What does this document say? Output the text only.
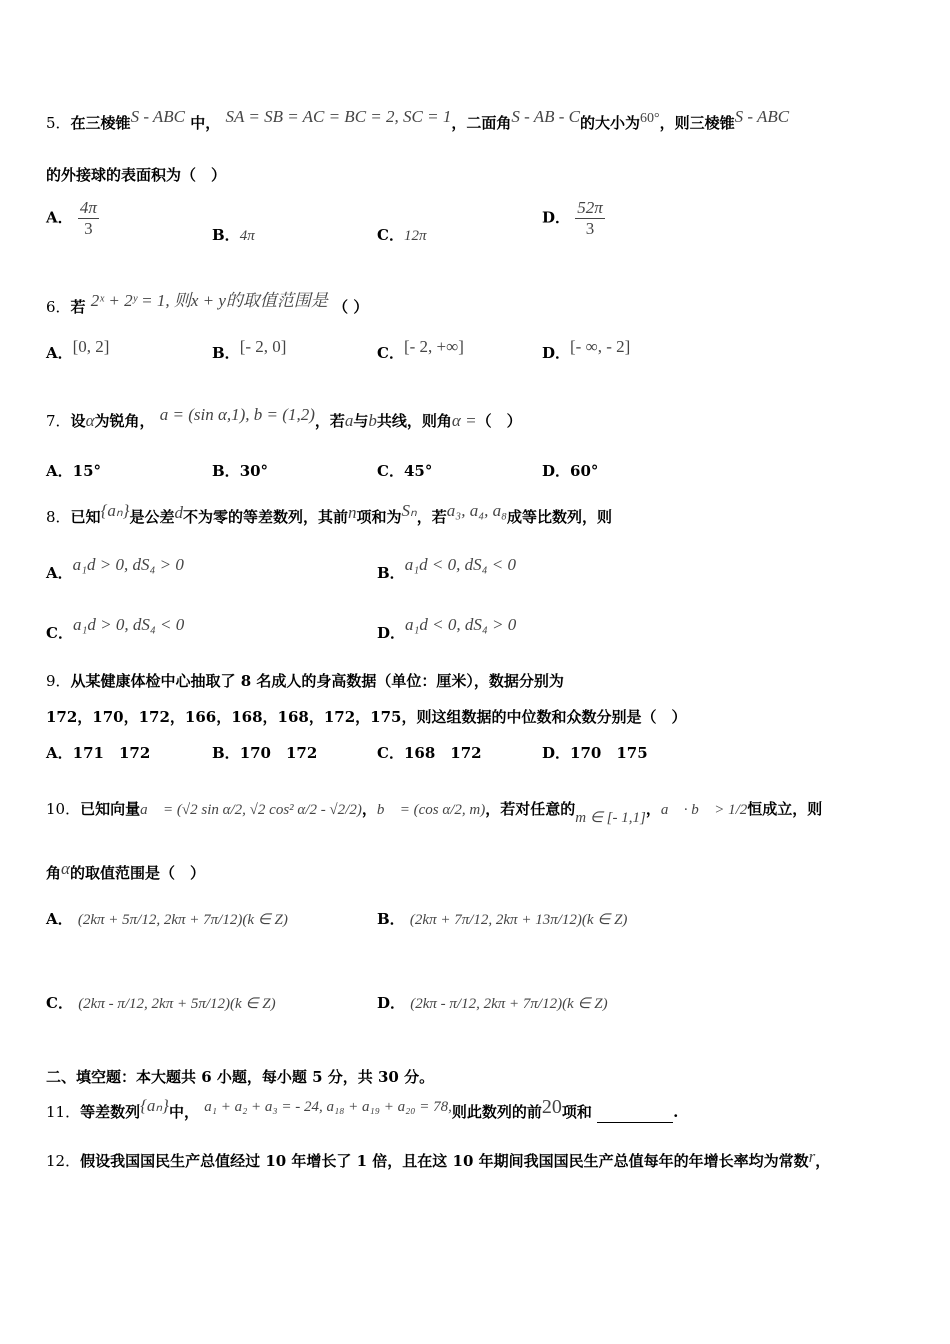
5．在三棱锥S - ABC 中， SA = SB = AC = BC = 2, SC = 1，二面角S - AB - C的大小为60°，则三棱锥S - ABC
的外接球的表面积为（　）
A． $\frac{4\pi}{3}$	B．4π	C．12π
D． $\frac{52\pi}{3}$
6．若 2ˣ + 2ʸ = 1, 则x + y的取值范围是 （ ）
A．[0, 2]	B．[- 2, 0]	C．[- 2, +∞]	D．[- ∞, - 2]
7．设α为锐角， a = (sin α,1), b = (1,2)，若a与b共线，则角α =（　）
A．15°	B．30°	C．45°	D．60°
8．已知{aₙ}是公差d不为零的等差数列，其前n项和为Sₙ，若a₃, a₄, a₈成等比数列，则
A．a₁d > 0, dS₄ > 0	B．a₁d < 0, dS₄ < 0
C．a₁d > 0, dS₄ < 0	D．a₁d < 0, dS₄ > 0
9．从某健康体检中心抽取了 8 名成人的身高数据（单位：厘米），数据分别为
172，170，172，166，168，168，172，175，则这组数据的中位数和众数分别是（　）
A．171　172	B．170　172	C．168　172	D．170　175
10．已知向量a⃗ = (√2 sin α/2, √2 cos² α/2 - √2/2)，b⃗ = (cos α/2, m)，若对任意的m ∈ [- 1,1]，a⃗ · b⃗ > 1/2恒成立，则
角α的取值范围是（　）
A． (2kπ + 5π/12, 2kπ + 7π/12)(k ∈ Z)	B． (2kπ + 7π/12, 2kπ + 13π/12)(k ∈ Z)
C． (2kπ - π/12, 2kπ + 5π/12)(k ∈ Z)	D． (2kπ - π/12, 2kπ + 7π/12)(k ∈ Z)
二、填空题：本大题共 6 小题，每小题 5 分，共 30 分。
11．等差数列{aₙ}中， a₁ + a₂ + a₃ = - 24, a₁₈ + a₁₉ + a₂₀ = 78,则此数列的前20项和	.
12．假设我国国民生产总值经过 10 年增长了 1 倍，且在这 10 年期间我国国民生产总值每年的年增长率均为常数r，
